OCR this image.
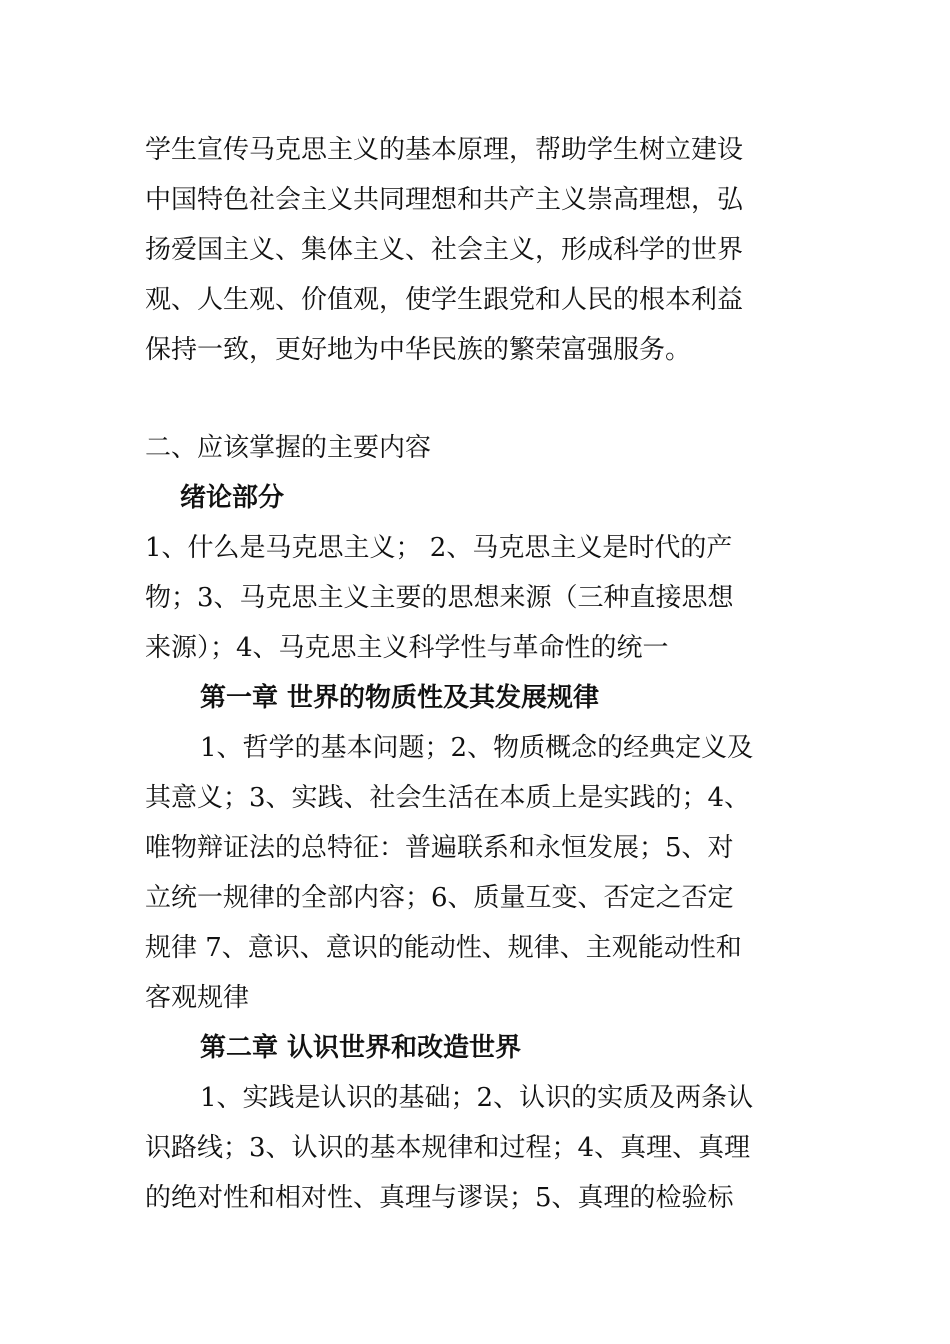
学生宣传马克思主义的基本原理，帮助学生树立建设
中国特色社会主义共同理想和共产主义崇高理想，弘
扬爱国主义、集体主义、社会主义，形成科学的世界
观、人生观、价值观，使学生跟党和人民的根本利益
保持一致，更好地为中华民族的繁荣富强服务。
二、应该掌握的主要内容
绪论部分
1、什么是马克思主义； 2、马克思主义是时代的产
物；3、马克思主义主要的思想来源（三种直接思想
来源）；4、马克思主义科学性与革命性的统一
第一章 世界的物质性及其发展规律
1、哲学的基本问题；2、物质概念的经典定义及
其意义；3、实践、社会生活在本质上是实践的；4、
唯物辩证法的总特征：普遍联系和永恒发展；5、对
立统一规律的全部内容；6、质量互变、否定之否定
规律 7、意识、意识的能动性、规律、主观能动性和
客观规律
第二章 认识世界和改造世界
1、实践是认识的基础；2、认识的实质及两条认
识路线；3、认识的基本规律和过程；4、真理、真理
的绝对性和相对性、真理与谬误；5、真理的检验标
